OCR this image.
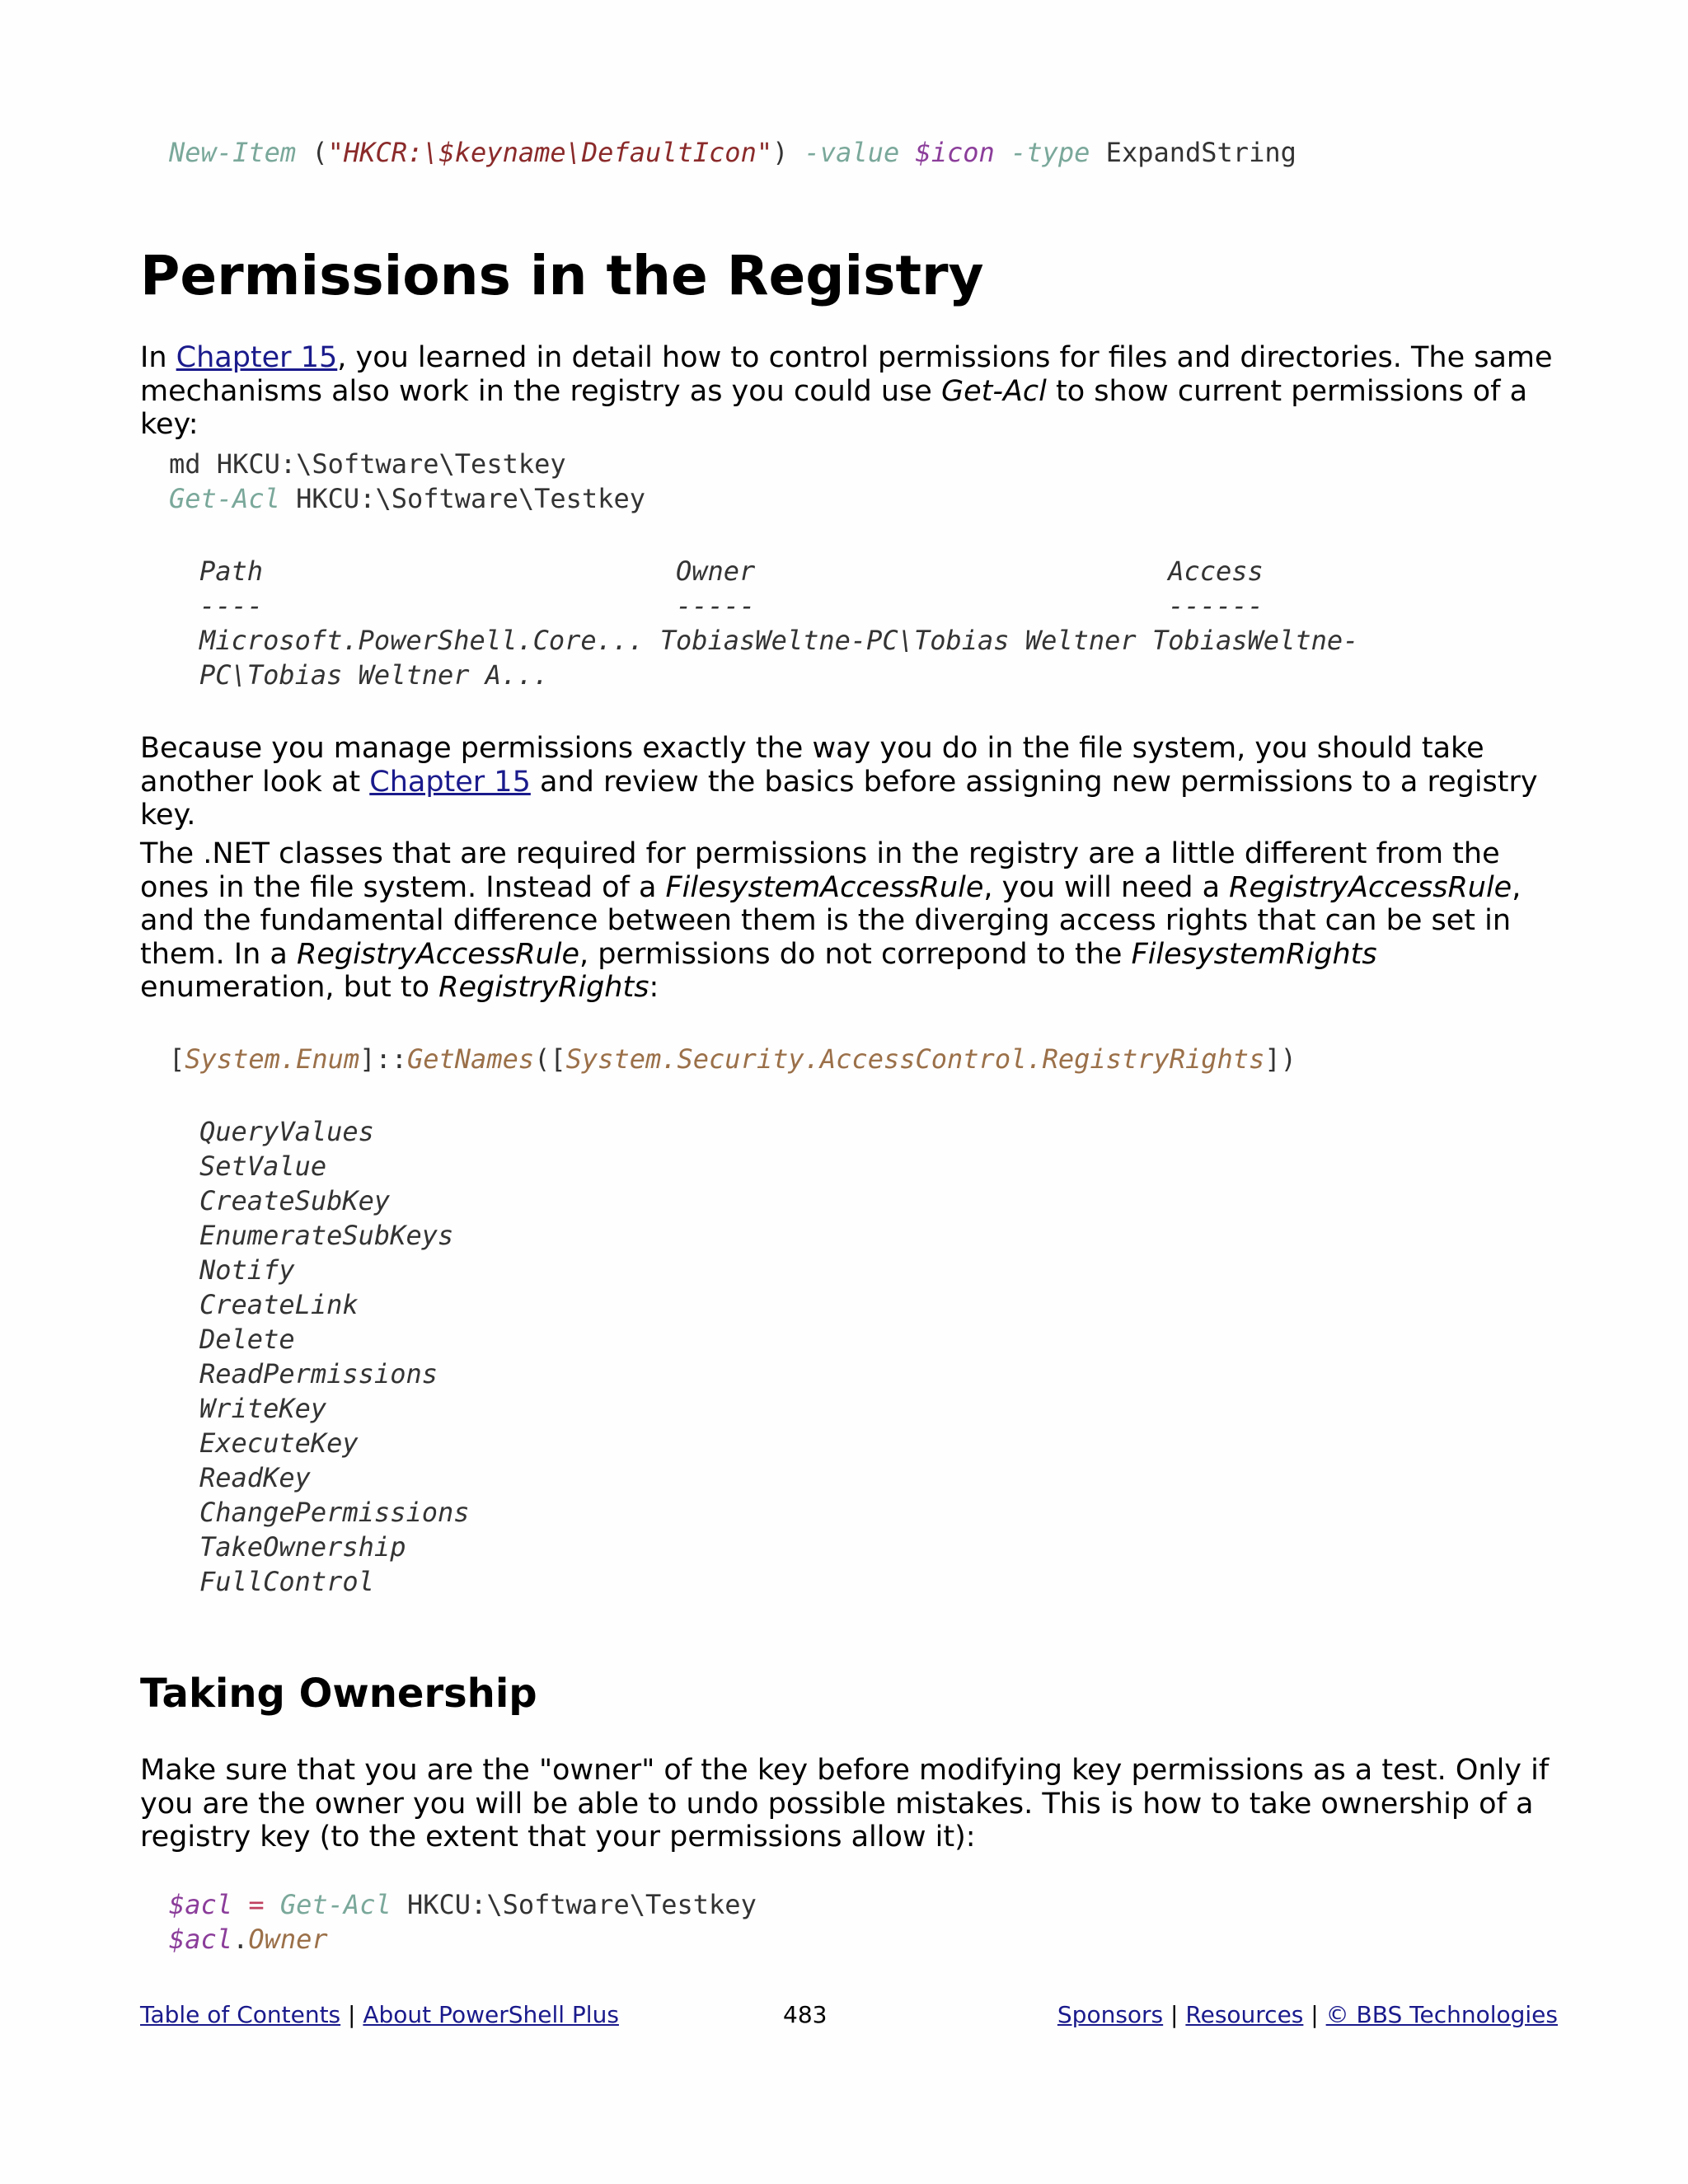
New-Item ("HKCR:\$keyname\DefaultIcon") -value $icon -type ExpandString
Permissions in the Registry

In Chapter 15, you learned in detail how to control permissions for files and directories. The same mechanisms also work in the registry as you could use Get-Acl to show current permissions of a key:

md HKCU:\Software\Testkey
Get-Acl HKCU:\Software\Testkey
Path                          Owner                          Access
----                          -----                          ------
Microsoft.PowerShell.Core... TobiasWeltne-PC\Tobias Weltner TobiasWeltne-
PC\Tobias Weltner A...

Because you manage permissions exactly the way you do in the file system, you should take another look at Chapter 15 and review the basics before assigning new permissions to a registry key.

The .NET classes that are required for permissions in the registry are a little different from the ones in the file system. Instead of a FilesystemAccessRule, you will need a RegistryAccessRule, and the fundamental difference between them is the diverging access rights that can be set in them. In a RegistryAccessRule, permissions do not correpond to the FilesystemRights enumeration, but to RegistryRights:

[System.Enum]::GetNames([System.Security.AccessControl.RegistryRights])
QueryValues
SetValue
CreateSubKey
EnumerateSubKeys
Notify
CreateLink
Delete
ReadPermissions
WriteKey
ExecuteKey
ReadKey
ChangePermissions
TakeOwnership
FullControl
Taking Ownership

Make sure that you are the "owner" of the key before modifying key permissions as a test. Only if you are the owner you will be able to undo possible mistakes. This is how to take ownership of a registry key (to the extent that your permissions allow it):

$acl = Get-Acl HKCU:\Software\Testkey
$acl.Owner
Table of Contents | About PowerShell Plus	483	Sponsors | Resources | © BBS Technologies
